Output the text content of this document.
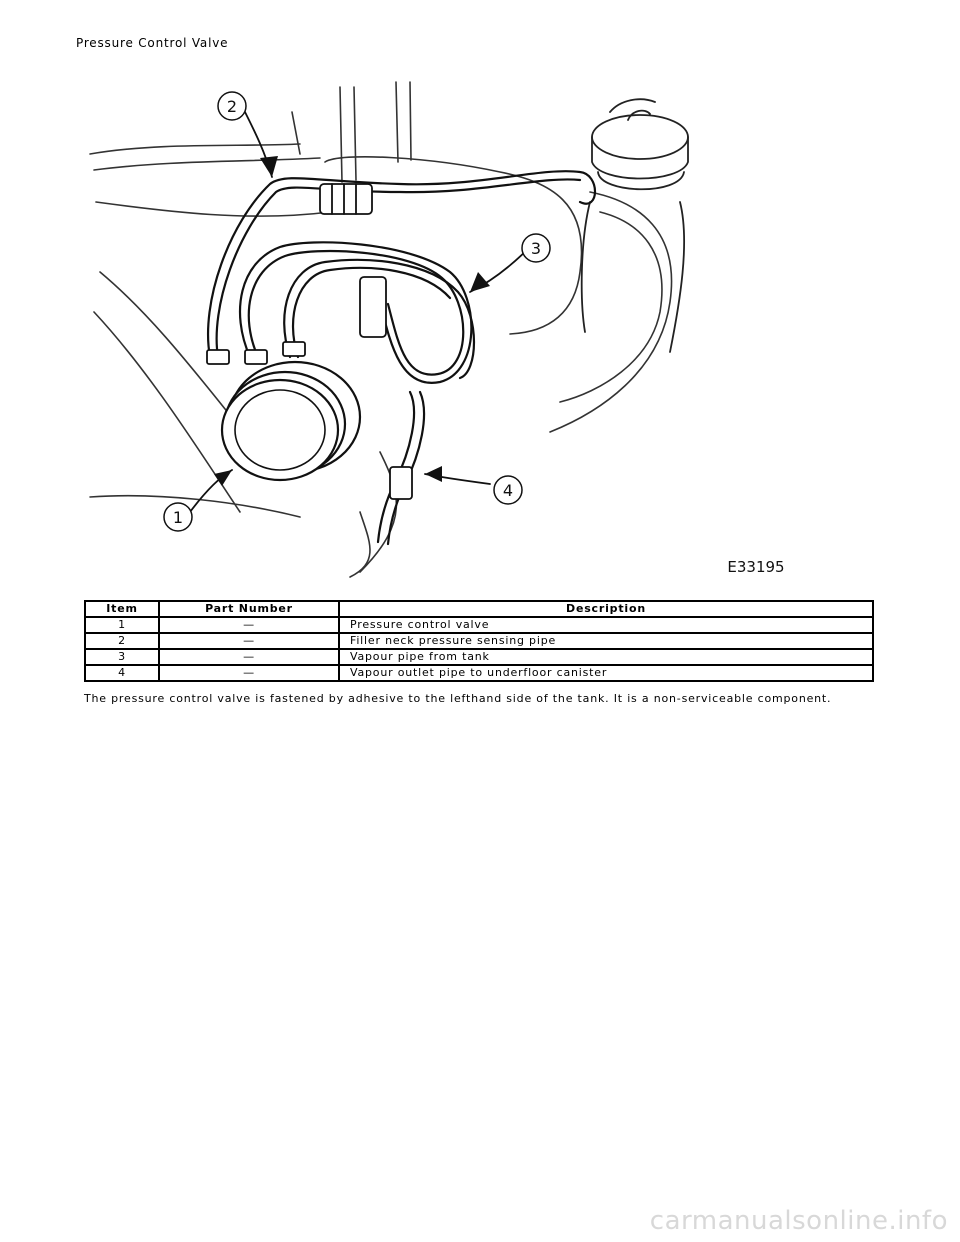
Pressure Control Valve
2
3
4
1
E33195
Item	Part Number	Description
1	—	Pressure control valve
2	—	Filler neck pressure sensing pipe
3	—	Vapour pipe from tank
4	—	Vapour outlet pipe to underfloor canister
The pressure control valve is fastened by adhesive to the lefthand side of the tank. It is a non-serviceable component.
carmanualsonline.info
